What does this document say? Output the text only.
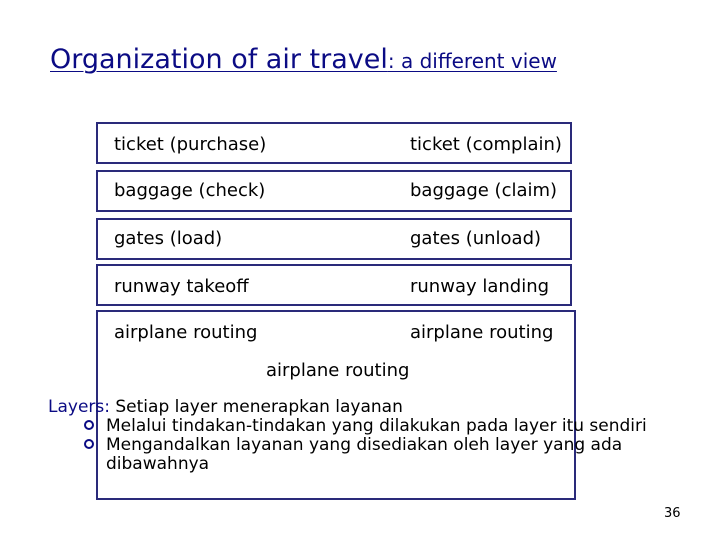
Organization of air travel: a different view
ticket (purchase)	ticket (complain)
baggage (check)	baggage (claim)
gates (load)	gates (unload)
runway takeoff	runway landing
airplane routing	airplane routing
airplane routing
Layers: Setiap layer menerapkan layanan
Melalui tindakan-tindakan yang dilakukan pada layer itu sendiri
Mengandalkan layanan yang disediakan oleh layer yang ada dibawahnya
36
